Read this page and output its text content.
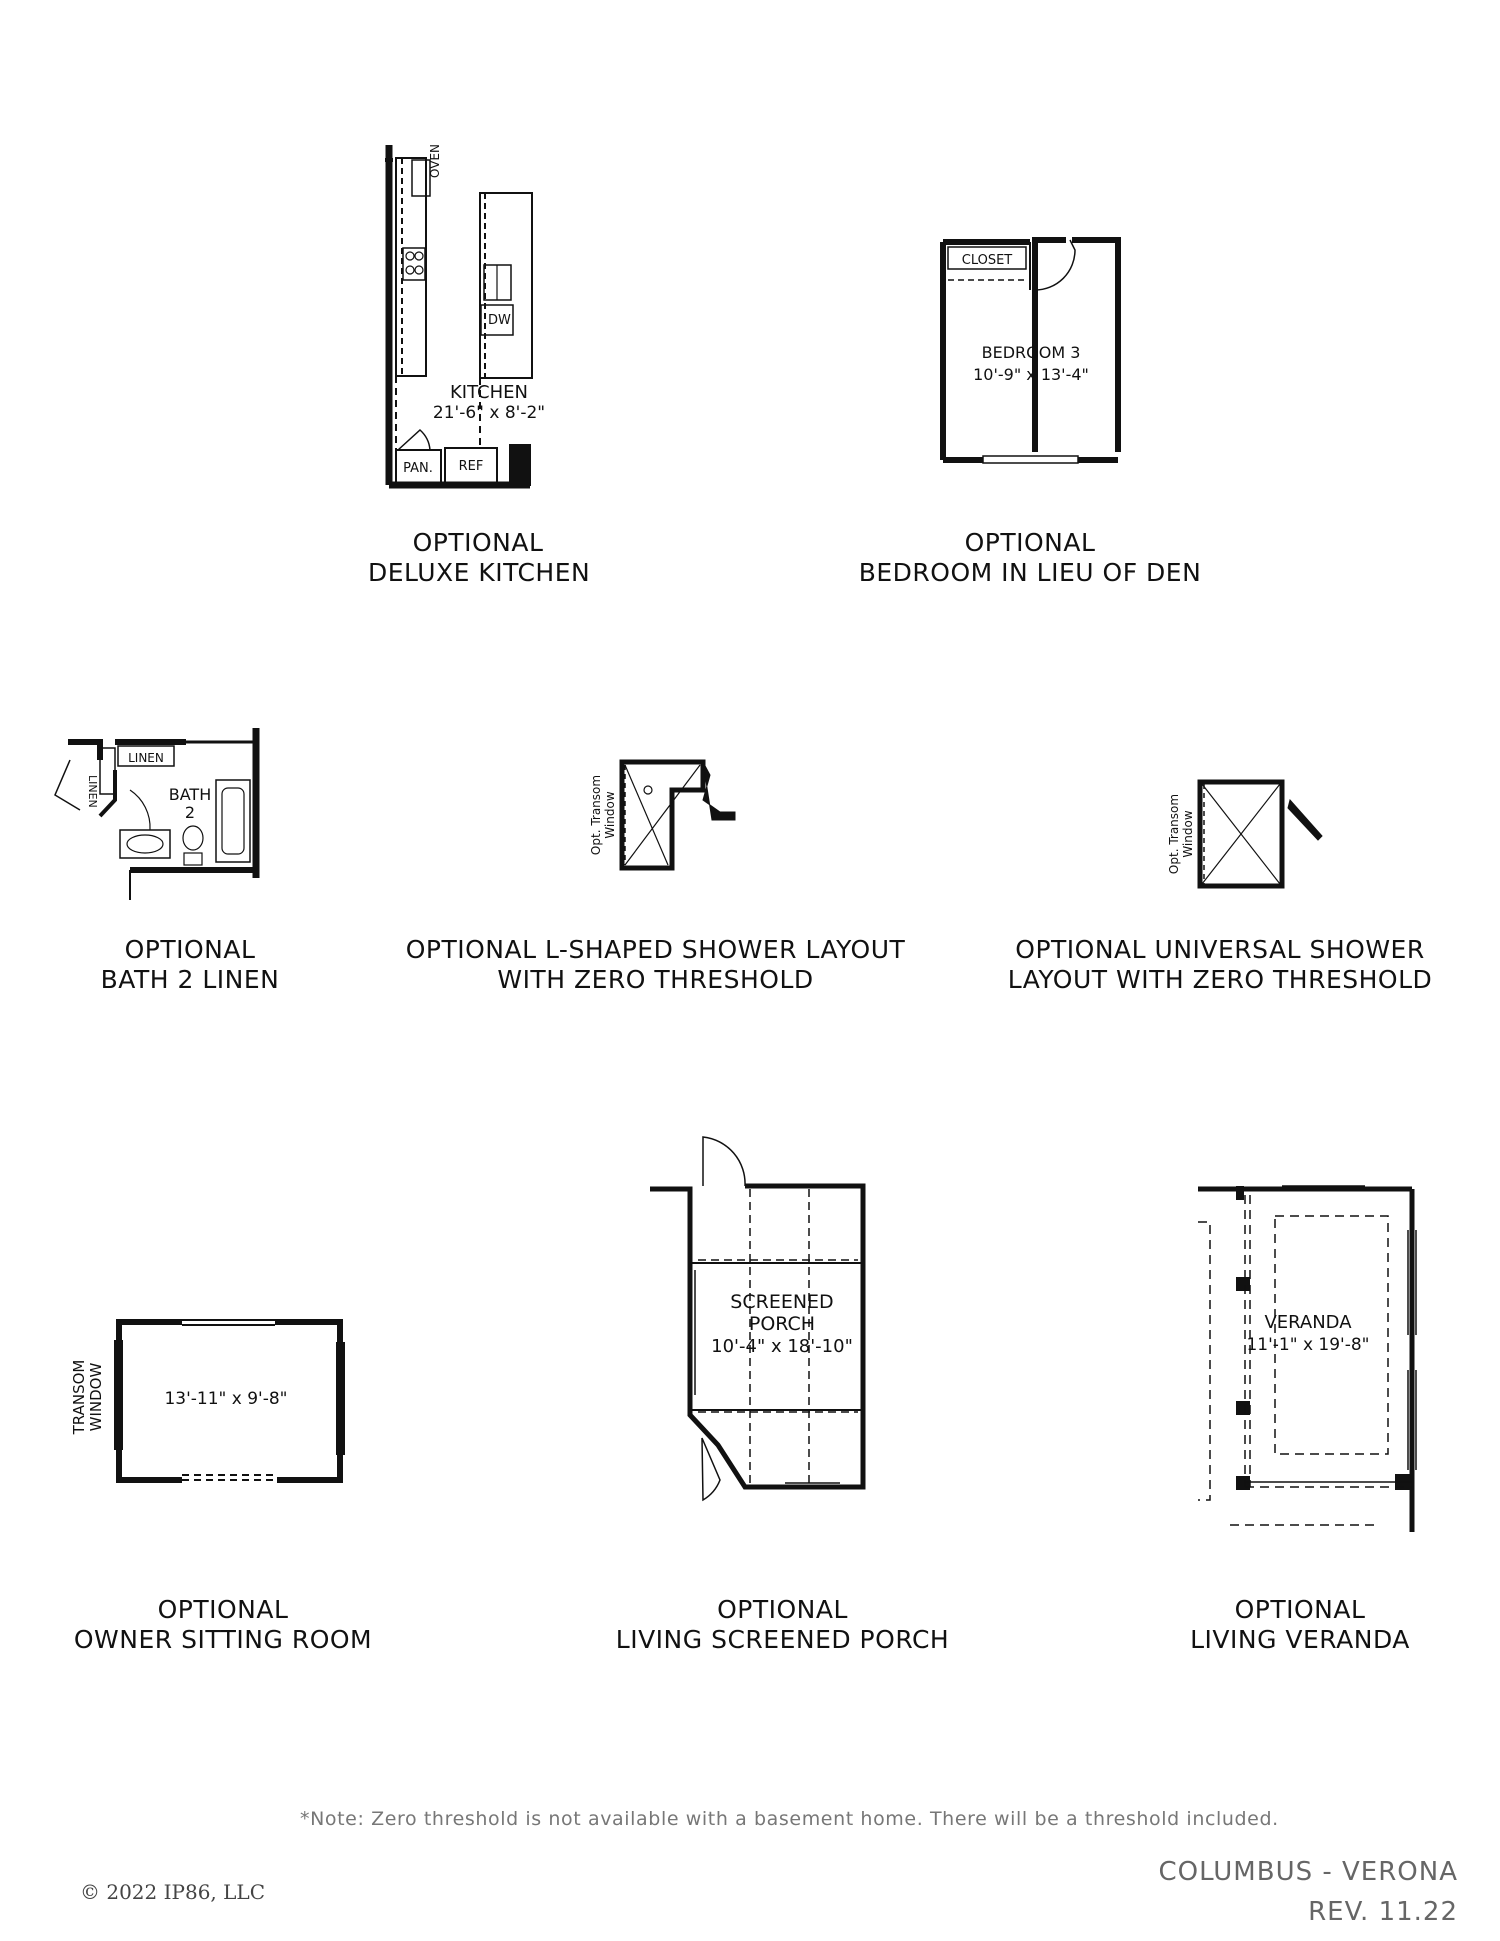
OVEN
DW
KITCHEN
21'-6" x 8'-2"
PAN. REF
CLOSET
BEDROOM 3
10'-9" x 13'-4"
LINEN
LINEN
BATH
2	Opt. Transom Window	Opt. Transom Window
TRANSOM WINDOW	13'-11" x 9'-8"
SCREENED
PORCH
10'-4" x 18'-10"
VERANDA
11'-1" x 19'-8"
OPTIONAL
DELUXE KITCHEN
OPTIONAL
BEDROOM IN LIEU OF DEN
OPTIONAL
BATH 2 LINEN
OPTIONAL L-SHAPED SHOWER LAYOUT
WITH ZERO THRESHOLD
OPTIONAL UNIVERSAL SHOWER
LAYOUT WITH ZERO THRESHOLD
OPTIONAL
OWNER SITTING ROOM
OPTIONAL
LIVING SCREENED PORCH
OPTIONAL
LIVING VERANDA
*Note: Zero threshold is not available with a basement home. There will be a threshold included.
© 2022 IP86, LLC
COLUMBUS - VERONA
REV. 11.22
